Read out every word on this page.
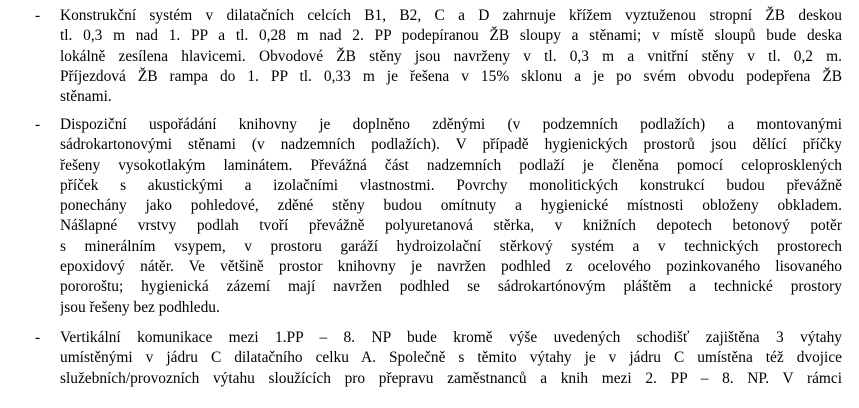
-	Konstrukční systém v dilatačních celcích B1, B2, C a D zahrnuje křížem vyztuženou stropní ŽB deskou
tl. 0,3 m nad 1. PP a tl. 0,28 m nad 2. PP podepíranou ŽB sloupy a stěnami; v místě sloupů bude deska
lokálně zesílena hlavicemi. Obvodové ŽB stěny jsou navrženy v tl. 0,3 m a vnitřní stěny v tl. 0,2 m.
Příjezdová ŽB rampa do 1. PP tl. 0,33 m je řešena v 15% sklonu a je po svém obvodu podepřena ŽB
stěnami.
-	Dispoziční uspořádání knihovny je doplněno zděnými (v podzemních podlažích) a montovanými
sádrokartonovými stěnami (v nadzemních podlažích). V případě hygienických prostorů jsou dělící příčky
řešeny vysokotlakým laminátem. Převážná část nadzemních podlaží je členěna pomocí celoprosklených
příček s akustickými a izolačními vlastnostmi. Povrchy monolitických konstrukcí budou převážně
ponechány jako pohledové, zděné stěny budou omítnuty a hygienické místnosti obloženy obkladem.
Nášlapné vrstvy podlah tvoří převážně polyuretanová stěrka, v knižních depotech betonový potěr
s minerálním vsypem, v prostoru garáží hydroizolační stěrkový systém a v technických prostorech
epoxidový nátěr. Ve většině prostor knihovny je navržen podhled z ocelového pozinkovaného lisovaného
pororoštu; hygienická zázemí mají navržen podhled se sádrokartónovým pláštěm a technické prostory
jsou řešeny bez podhledu.
-	Vertikální komunikace mezi 1.PP – 8. NP bude kromě výše uvedených schodišť zajištěna 3 výtahy
umístěnými v jádru C dilatačního celku A. Společně s těmito výtahy je v jádru C umístěna též dvojice
služebních/provozních výtahu sloužících pro přepravu zaměstnanců a knih mezi 2. PP – 8. NP. V rámci
